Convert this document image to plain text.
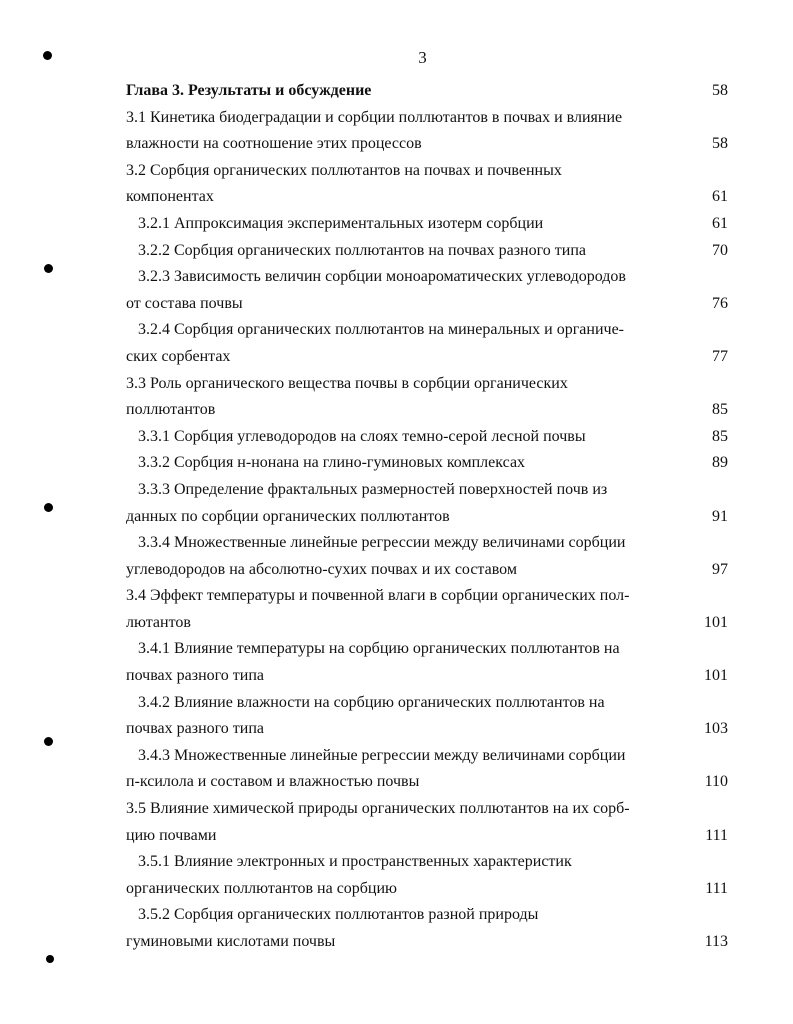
3
Глава 3. Результаты и обсуждение	58
3.1 Кинетика биодеградации и сорбции поллютантов в почвах и влияние
влажности на соотношение этих процессов	58
3.2 Сорбция органических поллютантов на почвах и почвенных
компонентах	61
3.2.1 Аппроксимация экспериментальных изотерм сорбции	61
3.2.2 Сорбция органических поллютантов на почвах разного типа	70
3.2.3 Зависимость величин сорбции моноароматических углеводородов
от состава почвы	76
3.2.4 Сорбция органических поллютантов на минеральных и органиче-
ских сорбентах	77
3.3 Роль органического вещества почвы в сорбции органических
поллютантов	85
3.3.1 Сорбция углеводородов на слоях темно-серой лесной почвы	85
3.3.2 Сорбция н-нонана на глино-гуминовых комплексах	89
3.3.3 Определение фрактальных размерностей поверхностей почв из
данных по сорбции органических поллютантов	91
3.3.4 Множественные линейные регрессии между величинами сорбции
углеводородов на абсолютно-сухих почвах и их составом	97
3.4 Эффект температуры и почвенной влаги в сорбции органических пол-
лютантов	101
3.4.1 Влияние температуры на сорбцию органических поллютантов на
почвах разного типа	101
3.4.2 Влияние влажности на сорбцию органических поллютантов на
почвах разного типа	103
3.4.3 Множественные линейные регрессии между величинами сорбции
п-ксилола и составом и влажностью почвы	110
3.5 Влияние химической природы органических поллютантов на их сорб-
цию почвами	111
3.5.1 Влияние электронных и пространственных характеристик
органических поллютантов на сорбцию	111
3.5.2 Сорбция органических поллютантов разной природы
гуминовыми кислотами почвы	113
